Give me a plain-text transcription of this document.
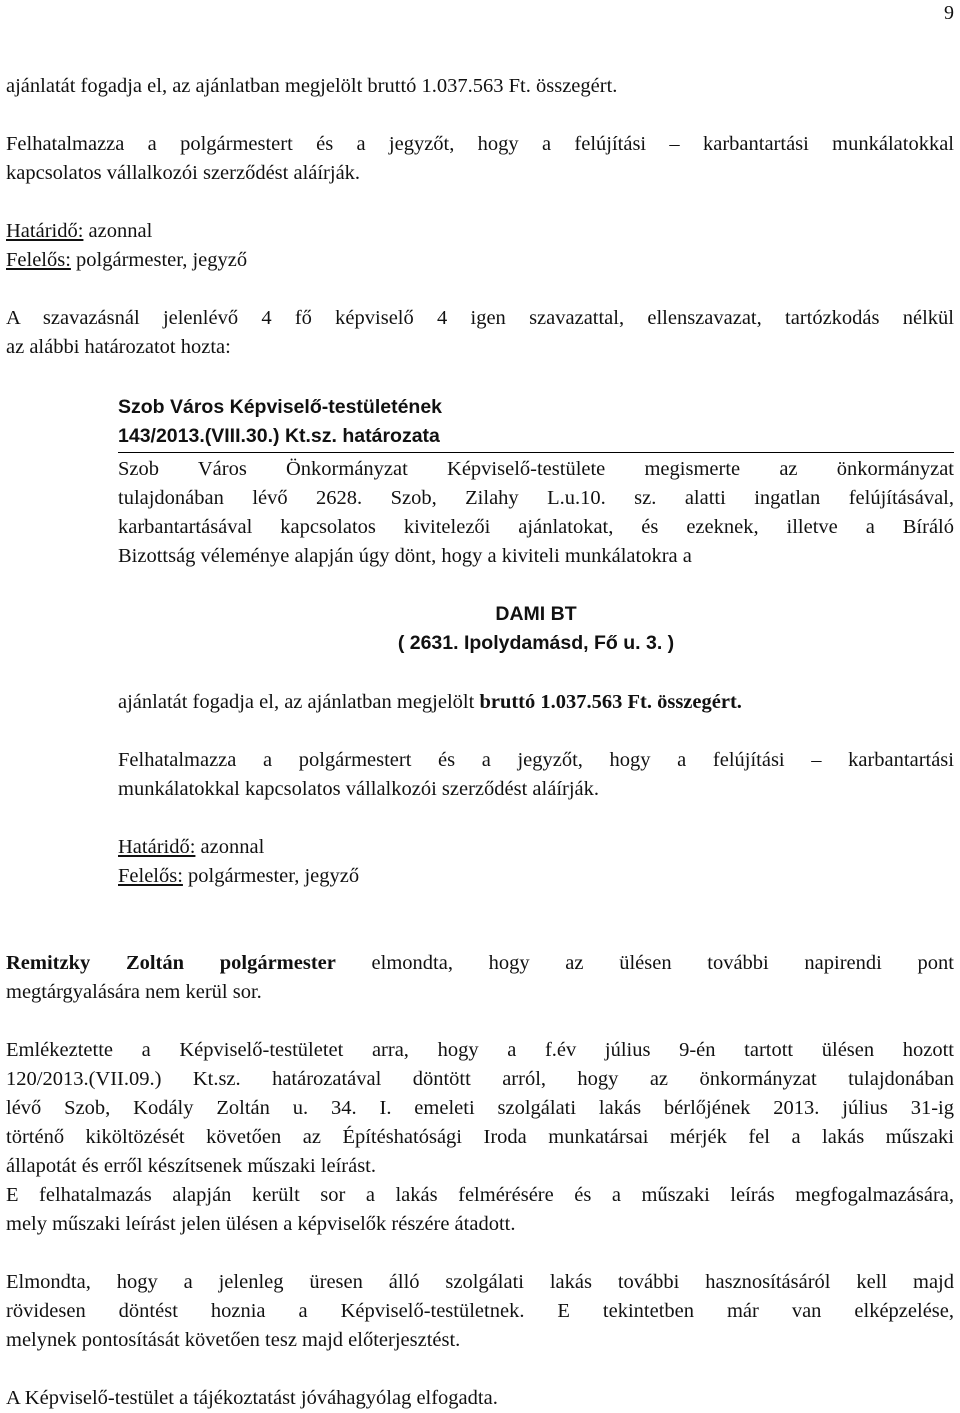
9
ajánlatát fogadja el, az ajánlatban megjelölt bruttó 1.037.563 Ft. összegért.
Felhatalmazza a polgármestert és a jegyzőt, hogy a felújítási – karbantartási munkálatokkal
kapcsolatos vállalkozói szerződést aláírják.
Határidő: azonnal
Felelős: polgármester, jegyző
A szavazásnál jelenlévő 4 fő képviselő 4 igen szavazattal, ellenszavazat, tartózkodás nélkül
az alábbi határozatot hozta:
Szob Város Képviselő-testületének
143/2013.(VIII.30.) Kt.sz. határozata
Szob Város Önkormányzat Képviselő-testülete megismerte az önkormányzat
tulajdonában lévő 2628. Szob, Zilahy L.u.10. sz. alatti ingatlan felújításával,
karbantartásával kapcsolatos kivitelezői ajánlatokat, és ezeknek, illetve a Bíráló
Bizottság véleménye alapján úgy dönt, hogy a kiviteli munkálatokra a
DAMI BT
( 2631. Ipolydamásd, Fő u. 3. )
ajánlatát fogadja el, az ajánlatban megjelölt bruttó 1.037.563 Ft. összegért.
Felhatalmazza a polgármestert és a jegyzőt, hogy a felújítási – karbantartási
munkálatokkal kapcsolatos vállalkozói szerződést aláírják.
Határidő: azonnal
Felelős: polgármester, jegyző
Remitzky Zoltán polgármester elmondta, hogy az ülésen további napirendi pont
megtárgyalására nem kerül sor.
Emlékeztette a Képviselő-testületet arra, hogy a f.év július 9-én tartott ülésen hozott
120/2013.(VII.09.) Kt.sz. határozatával döntött arról, hogy az önkormányzat tulajdonában
lévő Szob, Kodály Zoltán u. 34. I. emeleti szolgálati lakás bérlőjének 2013. július 31-ig
történő kiköltözését követően az Építéshatósági Iroda munkatársai mérjék fel a lakás műszaki
állapotát és erről készítsenek műszaki leírást.
E felhatalmazás alapján került sor a lakás felmérésére és a műszaki leírás megfogalmazására,
mely műszaki leírást jelen ülésen a képviselők részére átadott.
Elmondta, hogy a jelenleg üresen álló szolgálati lakás további hasznosításáról kell majd
rövidesen döntést hoznia a Képviselő-testületnek. E tekintetben már van elképzelése,
melynek pontosítását követően tesz majd előterjesztést.
A Képviselő-testület a tájékoztatást jóváhagyólag elfogadta.
